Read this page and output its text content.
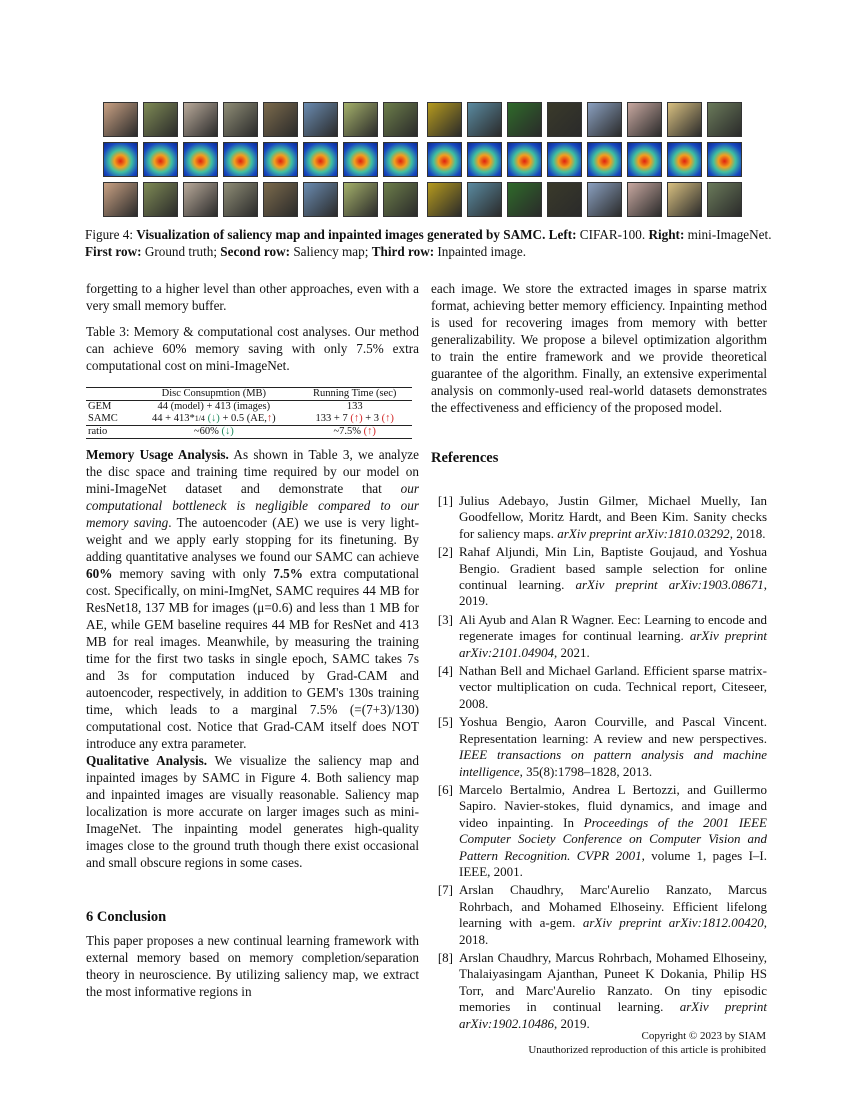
Figure 4: Visualization of saliency map and inpainted images generated by SAMC. Left: CIFAR-100. Right: mini-ImageNet. First row: Ground truth; Second row: Saliency map; Third row: Inpainted image.
forgetting to a higher level than other approaches, even with a very small memory buffer.
Table 3: Memory & computational cost analyses. Our method can achieve 60% memory saving with only 7.5% extra computational cost on mini-ImageNet.
	Disc Consupmtion (MB)	Running Time (sec)
GEM	44 (model) + 413 (images)	133
SAMC	44 + 413*1/4 (↓) + 0.5 (AE,↑)	133 + 7 (↑) + 3 (↑)
ratio	~60% (↓)	~7.5% (↑)
Memory Usage Analysis. As shown in Table 3, we analyze the disc space and training time required by our model on mini-ImageNet dataset and demonstrate that our computational bottleneck is negligible compared to our memory saving. The autoencoder (AE) we use is very light-weight and we apply early stopping for its finetuning. By adding quantitative analyses we found our SAMC can achieve 60% memory saving with only 7.5% extra computational cost. Specifically, on mini-ImgNet, SAMC requires 44 MB for ResNet18, 137 MB for images (μ=0.6) and less than 1 MB for AE, while GEM baseline requires 44 MB for ResNet and 413 MB for real images. Meanwhile, by measuring the training time for the first two tasks in single epoch, SAMC takes 7s and 3s for computation induced by Grad-CAM and autoencoder, respectively, in addition to GEM's 130s training time, which leads to a marginal 7.5% (=(7+3)/130) computational cost. Notice that Grad-CAM itself does NOT introduce any extra parameter.
Qualitative Analysis. We visualize the saliency map and inpainted images by SAMC in Figure 4. Both saliency map and inpainted images are visually reasonable. Saliency map localization is more accurate on larger images such as mini-ImageNet. The inpainting model generates high-quality images close to the ground truth though there exist occasional and small obscure regions in some cases.
6 Conclusion
This paper proposes a new continual learning framework with external memory based on memory completion/separation theory in neuroscience. By utilizing saliency map, we extract the most informative regions in
each image. We store the extracted images in sparse matrix format, achieving better memory efficiency. Inpainting method is used for recovering images from memory with better generalizability. We propose a bilevel optimization algorithm to train the entire framework and we provide theoretical guarantee of the algorithm. Finally, an extensive experimental analysis on commonly-used real-world datasets demonstrates the effectiveness and efficiency of the proposed model.
References
[1] Julius Adebayo, Justin Gilmer, Michael Muelly, Ian Goodfellow, Moritz Hardt, and Been Kim. Sanity checks for saliency maps. arXiv preprint arXiv:1810.03292, 2018.
[2] Rahaf Aljundi, Min Lin, Baptiste Goujaud, and Yoshua Bengio. Gradient based sample selection for online continual learning. arXiv preprint arXiv:1903.08671, 2019.
[3] Ali Ayub and Alan R Wagner. Eec: Learning to encode and regenerate images for continual learning. arXiv preprint arXiv:2101.04904, 2021.
[4] Nathan Bell and Michael Garland. Efficient sparse matrix-vector multiplication on cuda. Technical report, Citeseer, 2008.
[5] Yoshua Bengio, Aaron Courville, and Pascal Vincent. Representation learning: A review and new perspectives. IEEE transactions on pattern analysis and machine intelligence, 35(8):1798–1828, 2013.
[6] Marcelo Bertalmio, Andrea L Bertozzi, and Guillermo Sapiro. Navier-stokes, fluid dynamics, and image and video inpainting. In Proceedings of the 2001 IEEE Computer Society Conference on Computer Vision and Pattern Recognition. CVPR 2001, volume 1, pages I–I. IEEE, 2001.
[7] Arslan Chaudhry, Marc'Aurelio Ranzato, Marcus Rohrbach, and Mohamed Elhoseiny. Efficient lifelong learning with a-gem. arXiv preprint arXiv:1812.00420, 2018.
[8] Arslan Chaudhry, Marcus Rohrbach, Mohamed Elhoseiny, Thalaiyasingam Ajanthan, Puneet K Dokania, Philip HS Torr, and Marc'Aurelio Ranzato. On tiny episodic memories in continual learning. arXiv preprint arXiv:1902.10486, 2019.
Copyright © 2023 by SIAM
Unauthorized reproduction of this article is prohibited
